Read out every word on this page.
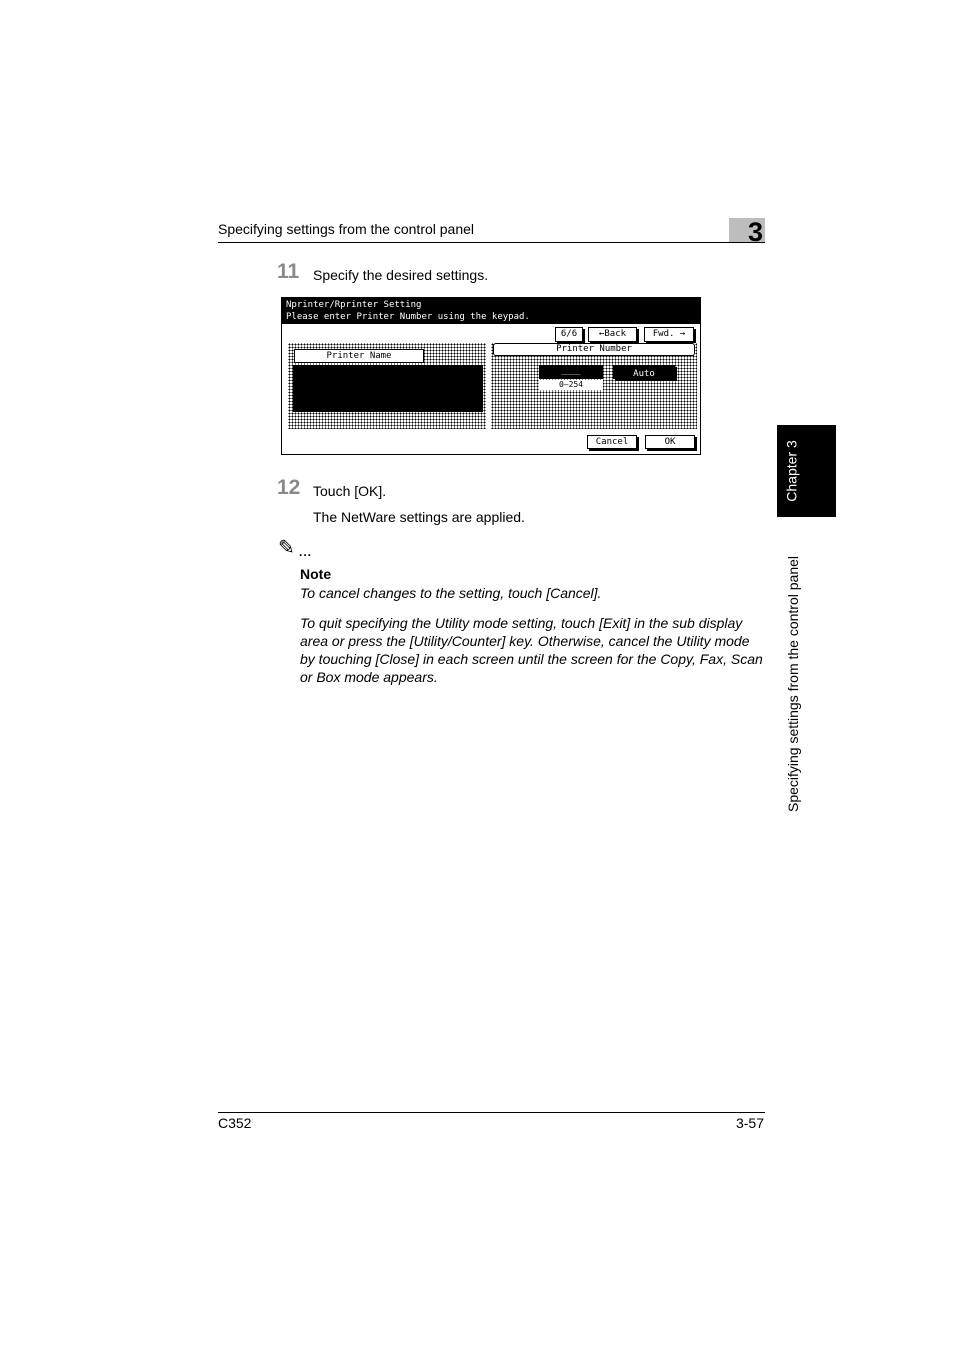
Specifying settings from the control panel	3
Chapter 3
Specifying settings from the control panel
11 Specify the desired settings.
Nprinter/Rprinter Setting
Please enter Printer Number using the keypad.
6/6	←Back	Fwd. →
Printer Name
Printer Number
____
0–254
Auto
Cancel	OK
12 Touch [OK].
The NetWare settings are applied.
✎ ...
Note
To cancel changes to the setting, touch [Cancel].
To quit specifying the Utility mode setting, touch [Exit] in the sub display area or press the [Utility/Counter] key. Otherwise, cancel the Utility mode by touching [Close] in each screen until the screen for the Copy, Fax, Scan or Box mode appears.
C352	3-57
